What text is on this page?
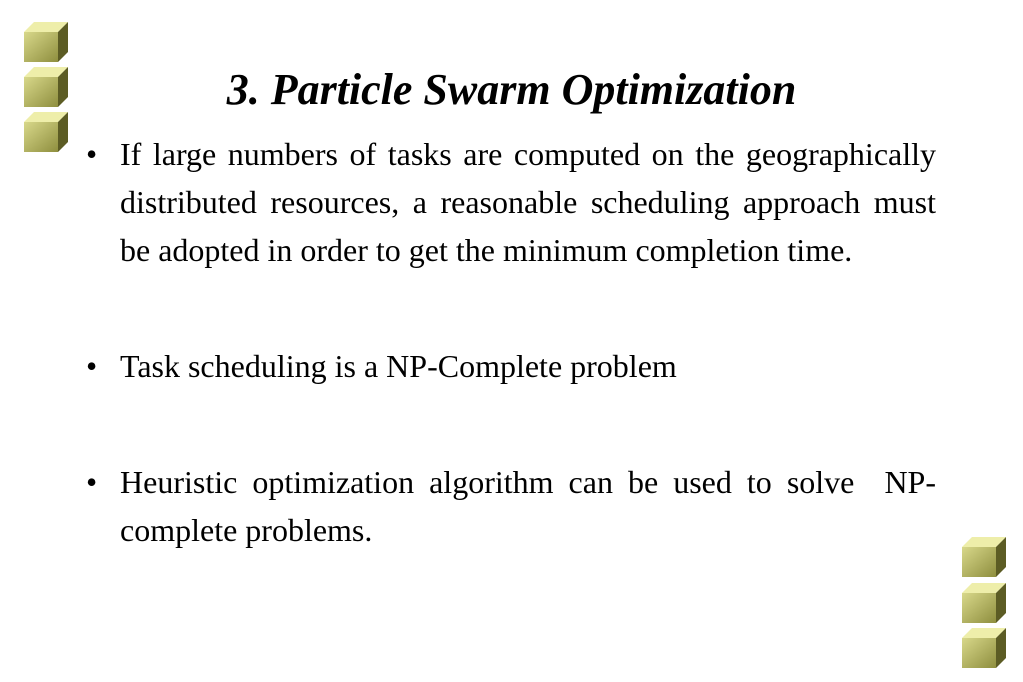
3. Particle Swarm Optimization
• If large numbers of tasks are computed on the geographically distributed resources, a reasonable scheduling approach must be adopted in order to get the minimum completion time.
• Task scheduling is a NP-Complete problem
• Heuristic optimization algorithm can be used to solve  NP-complete problems.
